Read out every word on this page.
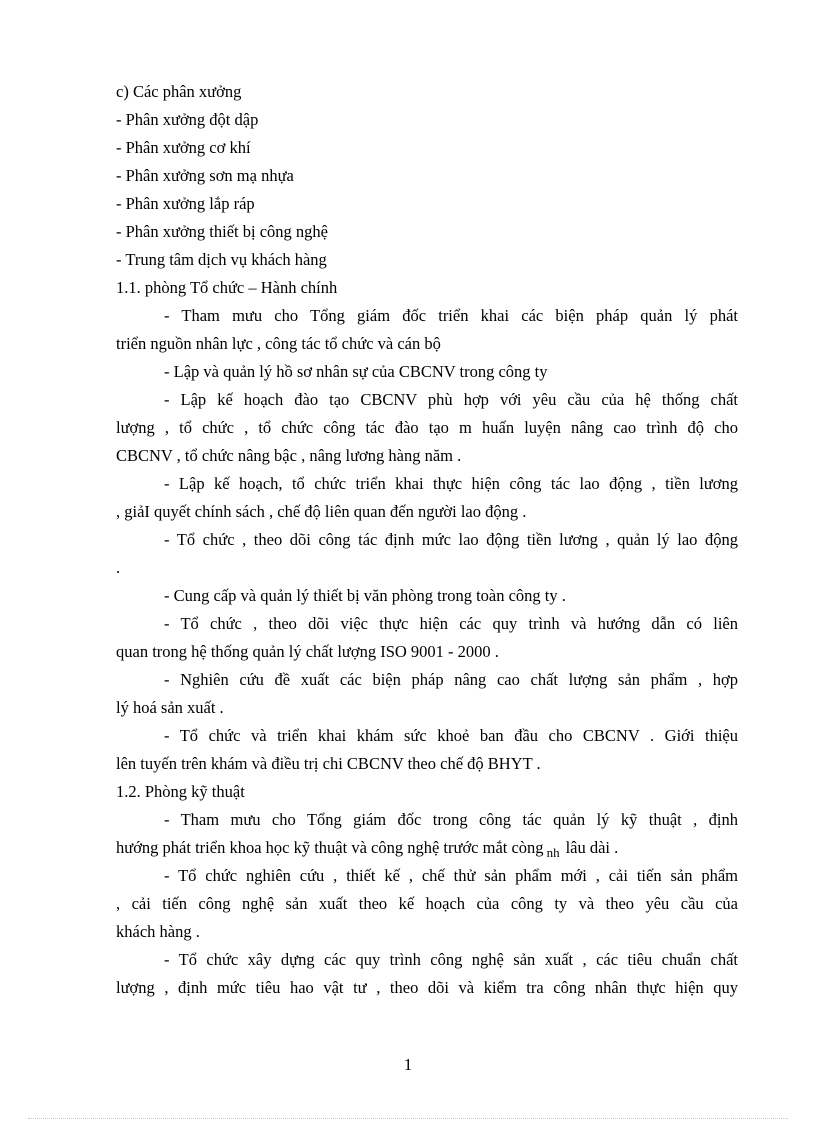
c) Các phân xưởng
- Phân xưởng đột dập
- Phân xưởng cơ khí
- Phân xưởng sơn mạ nhựa
- Phân xưởng lắp ráp
- Phân xưởng thiết bị công nghệ
- Trung tâm dịch vụ khách hàng
1.1. phòng Tổ chức – Hành chính
- Tham mưu cho Tổng giám đốc triển khai các biện pháp quản lý phát
triển nguồn nhân lực , công tác tổ chức và cán bộ
- Lập và quản lý hồ sơ nhân sự của CBCNV trong công ty
- Lập kế hoạch đào tạo CBCNV phù hợp với yêu cầu của hệ thống chất
lượng , tổ chức , tổ chức công tác đào tạo m huấn luyện nâng cao trình độ cho
CBCNV , tổ chức nâng bậc , nâng lương hàng năm .
- Lập kế hoạch, tổ chức triển khai thực hiện công tác lao động , tiền lương
, giảI quyết chính sách , chế độ liên quan đến người lao động .
- Tổ chức , theo dõi công tác định mức lao động tiền lương , quản lý lao động
.
- Cung cấp và quản lý thiết bị văn phòng trong toàn công ty .
- Tổ chức , theo dõi việc thực hiện các quy trình và hướng dẫn có liên
quan trong hệ thống quản lý chất lượng ISO 9001 - 2000 .
- Nghiên cứu đề xuất các biện pháp nâng cao chất lượng sản phẩm , hợp
lý hoá sản xuất .
- Tổ chức và triển khai khám sức khoẻ ban đầu cho CBCNV . Giới thiệu
lên tuyến trên khám và điều trị chi CBCNV theo chế độ BHYT .
1.2. Phòng kỹ thuật
- Tham mưu cho Tổng giám đốc trong công tác quản lý kỹ thuật , định
hướng phát triển khoa học kỹ thuật và công nghệ trước mắt còng $_{nh}$ lâu dài .
- Tổ chức nghiên cứu , thiết kế , chế thử sản phẩm mới , cải tiến sản phẩm
, cải tiến công nghệ sản xuất theo kế hoạch của công ty và theo yêu cầu của
khách hàng .
- Tổ chức xây dựng các quy trình công nghệ sản xuất , các tiêu chuẩn chất
lượng , định mức tiêu hao vật tư , theo dõi và kiểm tra công nhân thực hiện quy
1
